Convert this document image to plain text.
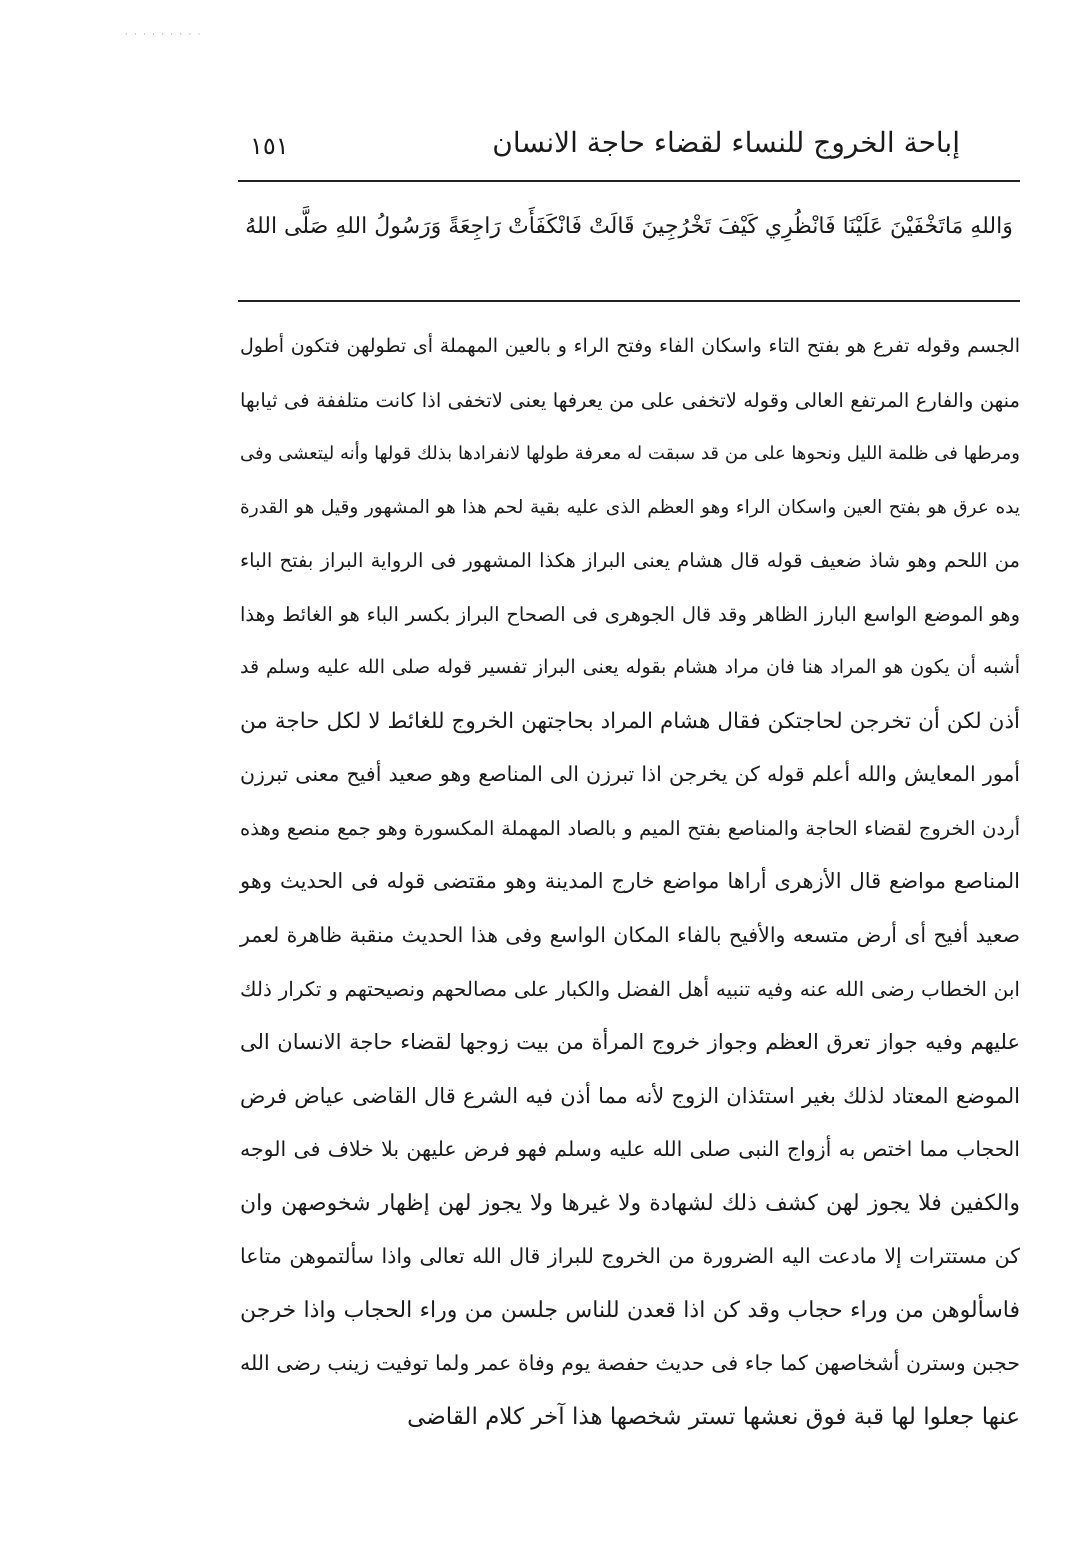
· · · · · · · · ·
إباحة الخروج للنساء لقضاء حاجة الانسان
١٥١
وَاللهِ مَاتَخْفَيْنَ عَلَيْنَا فَانْظُرِي كَيْفَ تَخْرُجِينَ قَالَتْ فَانْكَفَأَتْ رَاجِعَةً وَرَسُولُ اللهِ صَلَّى اللهُ
الجسم وقوله تفرع هو بفتح التاء واسكان الفاء وفتح الراء و بالعين المهملة أى تطولهن فتكون أطول
منهن والفارع المرتفع العالى وقوله لاتخفى على من يعرفها يعنى لاتخفى اذا كانت متلففة فى ثيابها
ومرطها فى ظلمة الليل ونحوها على من قد سبقت له معرفة طولها لانفرادها بذلك قولها وأنه ليتعشى وفى
يده عرق هو بفتح العين واسكان الراء وهو العظم الذى عليه بقية لحم هذا هو المشهور وقيل هو القدرة
من اللحم وهو شاذ ضعيف قوله قال هشام يعنى البراز هكذا المشهور فى الرواية البراز بفتح الباء
وهو الموضع الواسع البارز الظاهر وقد قال الجوهرى فى الصحاح البراز بكسر الباء هو الغائط وهذا
أشبه أن يكون هو المراد هنا فان مراد هشام بقوله يعنى البراز تفسير قوله صلى الله عليه وسلم قد
أذن لكن أن تخرجن لحاجتكن فقال هشام المراد بحاجتهن الخروج للغائط لا لكل حاجة من
أمور المعايش والله أعلم قوله كن يخرجن اذا تبرزن الى المناصع وهو صعيد أفيح معنى تبرزن
أردن الخروج لقضاء الحاجة والمناصع بفتح الميم و بالصاد المهملة المكسورة وهو جمع منصع وهذه
المناصع مواضع قال الأزهرى أراها مواضع خارج المدينة وهو مقتضى قوله فى الحديث وهو
صعيد أفيح أى أرض متسعه والأفيح بالفاء المكان الواسع وفى هذا الحديث منقبة ظاهرة لعمر
ابن الخطاب رضى الله عنه وفيه تنبيه أهل الفضل والكبار على مصالحهم ونصيحتهم و تكرار ذلك
عليهم وفيه جواز تعرق العظم وجواز خروج المرأة من بيت زوجها لقضاء حاجة الانسان الى
الموضع المعتاد لذلك بغير استئذان الزوج لأنه مما أذن فيه الشرع قال القاضى عياض فرض
الحجاب مما اختص به أزواج النبى صلى الله عليه وسلم فهو فرض عليهن بلا خلاف فى الوجه
والكفين فلا يجوز لهن كشف ذلك لشهادة ولا غيرها ولا يجوز لهن إظهار شخوصهن وان
كن مستترات إلا مادعت اليه الضرورة من الخروج للبراز قال الله تعالى واذا سألتموهن متاعا
فاسألوهن من وراء حجاب وقد كن اذا قعدن للناس جلسن من وراء الحجاب واذا خرجن
حجبن وسترن أشخاصهن كما جاء فى حديث حفصة يوم وفاة عمر ولما توفيت زينب رضى الله
عنها جعلوا لها قبة فوق نعشها تستر شخصها هذا آخر كلام القاضى
